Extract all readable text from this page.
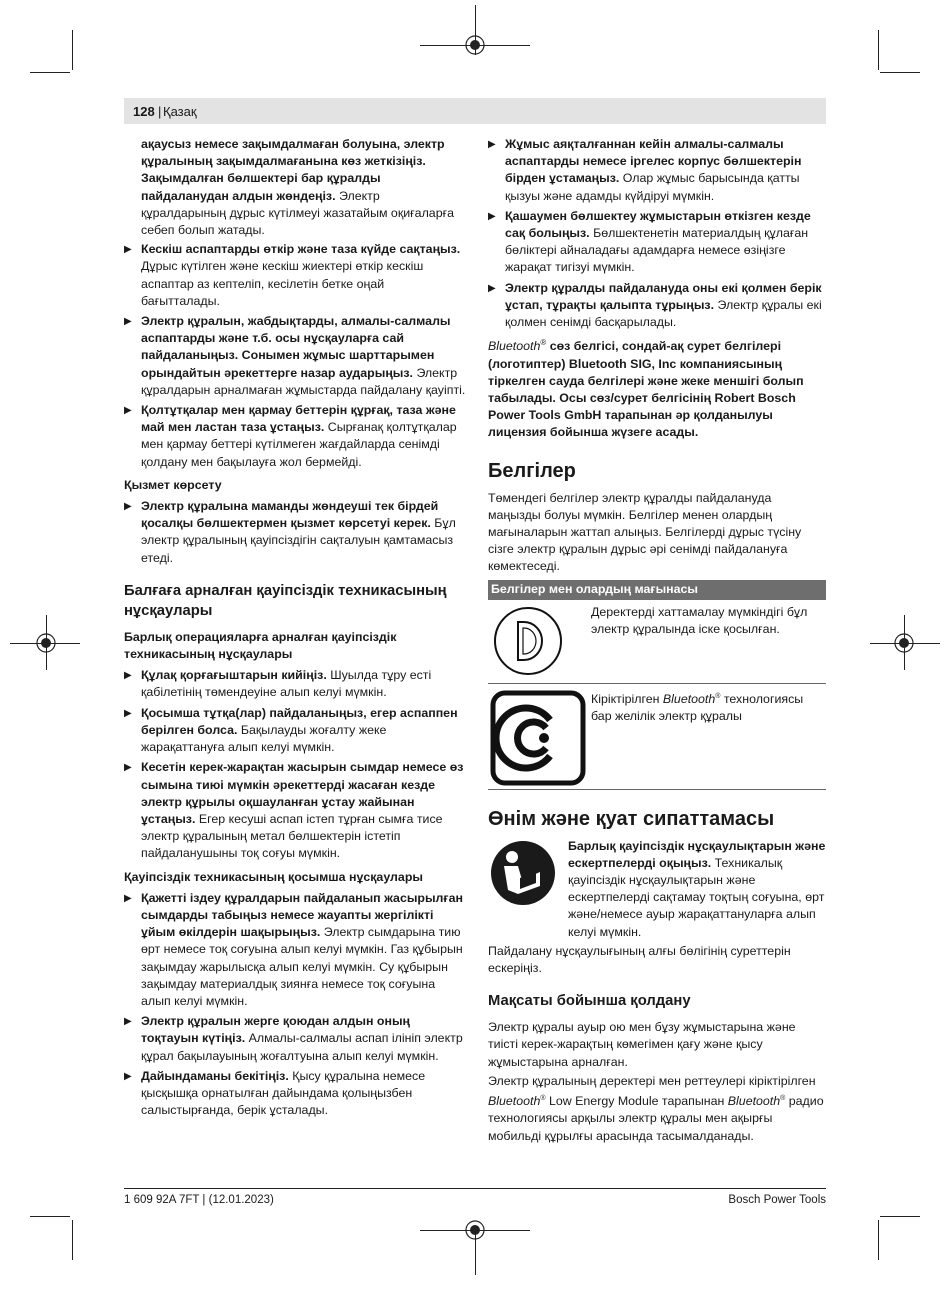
128 | Қазақ

ақаусыз немесе зақымдалмаған болуына, электр құралының зақымдалмағанына көз жеткізіңіз. Зақымдалған бөлшектері бар құралды пайдаланудан алдын жөндеңіз. Электр құралдарының дұрыс күтілмеуі жазатайым оқиғаларға себеп болып жатады.

▶ Кескіш аспаптарды өткір және таза күйде сақтаңыз. Дұрыс күтілген және кескіш жиектері өткір кескіш аспаптар аз кептеліп, кесілетін бетке оңай бағытталады.
▶ Электр құралын, жабдықтарды, алмалы-салмалы аспаптарды және т.б. осы нұсқауларға сай пайдаланыңыз. Сонымен жұмыс шарттарымен орындайтын әрекеттерге назар аударыңыз. Электр құралдарын арналмаған жұмыстарда пайдалану қауіпті.
▶ Қолтұтқалар мен қармау беттерін құрғақ, таза және май мен ластан таза ұстаңыз. Сырғанақ қолтұтқалар мен қармау беттері күтілмеген жағдайларда сенімді қолдану мен бақылауға жол бермейді.
Қызмет көрсету
▶ Электр құралына маманды жөндеуші тек бірдей қосалқы бөлшектермен қызмет көрсетуі керек. Бұл электр құралының қауіпсіздігін сақталуын қамтамасыз етеді.
Балғаға арналған қауіпсіздік техникасының нұсқаулары
Барлық операцияларға арналған қауіпсіздік техникасының нұсқаулары
▶ Құлақ қорғағыштарын кийіңіз. Шуылда тұру есті қабілетінің төмендеуіне алып келуі мүмкін.
▶ Қосымша тұтқа(лар) пайдаланыңыз, егер аспаппен берілген болса. Бақылауды жоғалту жеке жарақаттануға алып келуі мүмкін.
▶ Кесетін керек-жарақтан жасырын сымдар немесе өз сымына тиюі мүмкін әрекеттерді жасаған кезде электр құрылы оқшауланған ұстау жайынан ұстаңыз. Егер кесуші аспап істеп тұрған сымға тисе электр құралының метал бөлшектерін істетіп пайдаланушыны тоқ соғуы мүмкін.
Қауіпсіздік техникасының қосымша нұсқаулары
▶ Қажетті іздеу құралдарын пайдаланып жасырылған сымдарды табыңыз немесе жауапты жергілікті ұйым өкілдерін шақырыңыз. Электр сымдарына тию өрт немесе тоқ соғуына алып келуі мүмкін. Газ құбырын зақымдау жарылысқа алып келуі мүмкін. Су құбырын зақымдау материалдық зиянға немесе тоқ соғуына алып келуі мүмкін.
▶ Электр құралын жерге қоюдан алдын оның тоқтауын күтіңіз. Алмалы-салмалы аспап ілініп электр құрал бақылауының жоғалтуына алып келуі мүмкін.
▶ Дайындаманы бекітіңіз. Қысу құралына немесе қысқышқа орнатылған дайындама қолыңызбен салыстырғанда, берік ұсталады.
▶ Жұмыс аяқталғаннан кейін алмалы-салмалы аспаптарды немесе іргелес корпус бөлшектерін бірден ұстамаңыз. Олар жұмыс барысында қатты қызуы және адамды күйдіруі мүмкін.
▶ Қашаумен бөлшектеу жұмыстарын өткізген кезде сақ болыңыз. Бөлшектенетін материалдың құлаған бөліктері айналадағы адамдарға немесе өзіңізге жарақат тигізуі мүмкін.
▶ Электр құралды пайдалануда оны екі қолмен берік ұстап, тұрақты қалыпта тұрыңыз. Электр құралы екі қолмен сенімді басқарылады.

Bluetooth® сөз белгісі, сондай-ақ сурет белгілері (логотиптер) Bluetooth SIG, Inc компаниясының тіркелген сауда белгілері және жеке меншігі болып табылады. Осы сөз/сурет белгісінің Robert Bosch Power Tools GmbH тарапынан әр қолданылуы лицензия бойынша жүзеге асады.

Белгілер

Төмендегі белгілер электр құралды пайдалануда маңызды болуы мүмкін. Белгілер менен олардың мағыналарын жаттап алыңыз. Белгілерді дұрыс түсіну сізге электр құралын дұрыс әрі сенімді пайдалануға көмектеседі.

Белгілер мен олардың мағынасы
Деректерді хаттамалау мүмкіндігі бұл электр құралында іске қосылған.
Кіріктірілген Bluetooth® технологиясы бар желілік электр құралы
Өнім және қуат сипаттамасы

Барлық қауіпсіздік нұсқаулықтарын және ескертпелерді оқыңыз. Техникалық қауіпсіздік нұсқаулықтарын және ескертпелерді сақтамау тоқтың соғуына, өрт және/немесе ауыр жарақаттануларға алып келуі мүмкін.

Пайдалану нұсқаулығының алғы бөлігінің суреттерін ескеріңіз.

Мақсаты бойынша қолдану

Электр құралы ауыр ою мен бұзу жұмыстарына және тиісті керек-жарақтың көмегімен қағу және қысу жұмыстарына арналған.

Электр құралының деректері мен реттеулері кіріктірілген Bluetooth® Low Energy Module тарапынан Bluetooth® радио технологиясы арқылы электр құралы мен ақырғы мобильді құрылғы арасында тасымалданады.

1 609 92A 7FT | (12.01.2023)	Bosch Power Tools
